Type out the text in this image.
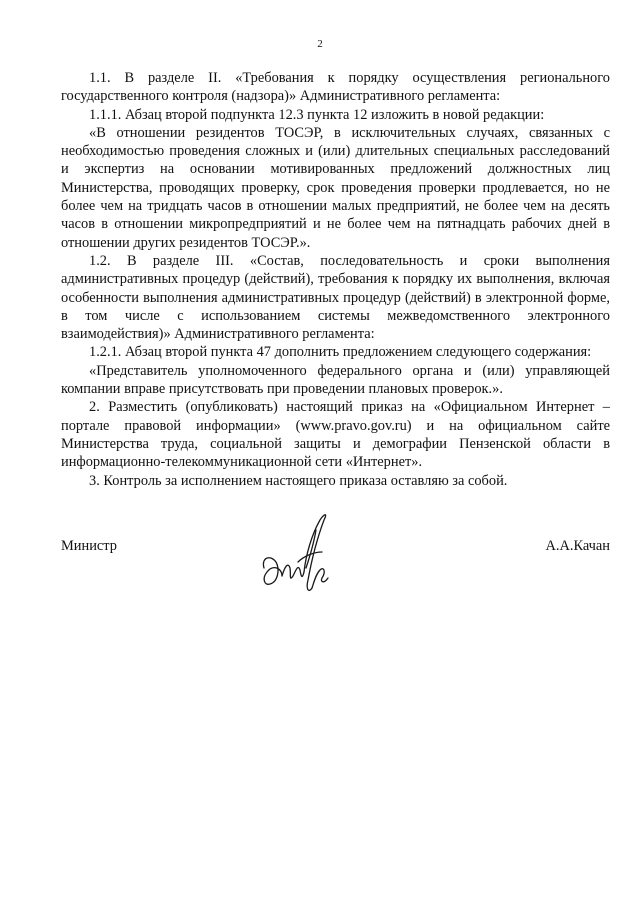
2

1.1. В разделе II. «Требования к порядку осуществления регионального государственного контроля (надзора)» Административного регламента:

1.1.1. Абзац второй подпункта 12.3 пункта 12 изложить в новой редакции:

«В отношении резидентов ТОСЭР, в исключительных случаях, связанных с необходимостью проведения сложных и (или) длительных специальных расследований и экспертиз на основании мотивированных предложений должностных лиц Министерства, проводящих проверку, срок проведения проверки продлевается, но не более чем на тридцать часов в отношении малых предприятий, не более чем на десять часов в отношении микропредприятий и не более чем на пятнадцать рабочих дней в отношении других резидентов ТОСЭР.».

1.2. В разделе III. «Состав, последовательность и сроки выполнения административных процедур (действий), требования к порядку их выполнения, включая особенности выполнения административных процедур (действий) в электронной форме, в том числе с использованием системы межведомственного электронного взаимодействия)» Административного регламента:

1.2.1. Абзац второй пункта 47 дополнить предложением следующего содержания:

«Представитель уполномоченного федерального органа и (или) управляющей компании вправе присутствовать при проведении плановых проверок.».

2. Разместить (опубликовать) настоящий приказ на «Официальном Интернет – портале правовой информации» (www.pravo.gov.ru) и на официальном сайте Министерства труда, социальной защиты и демографии Пензенской области в информационно-телекоммуникационной сети «Интернет».

3. Контроль за исполнением настоящего приказа оставляю за собой.

Министр	А.А.Качан
